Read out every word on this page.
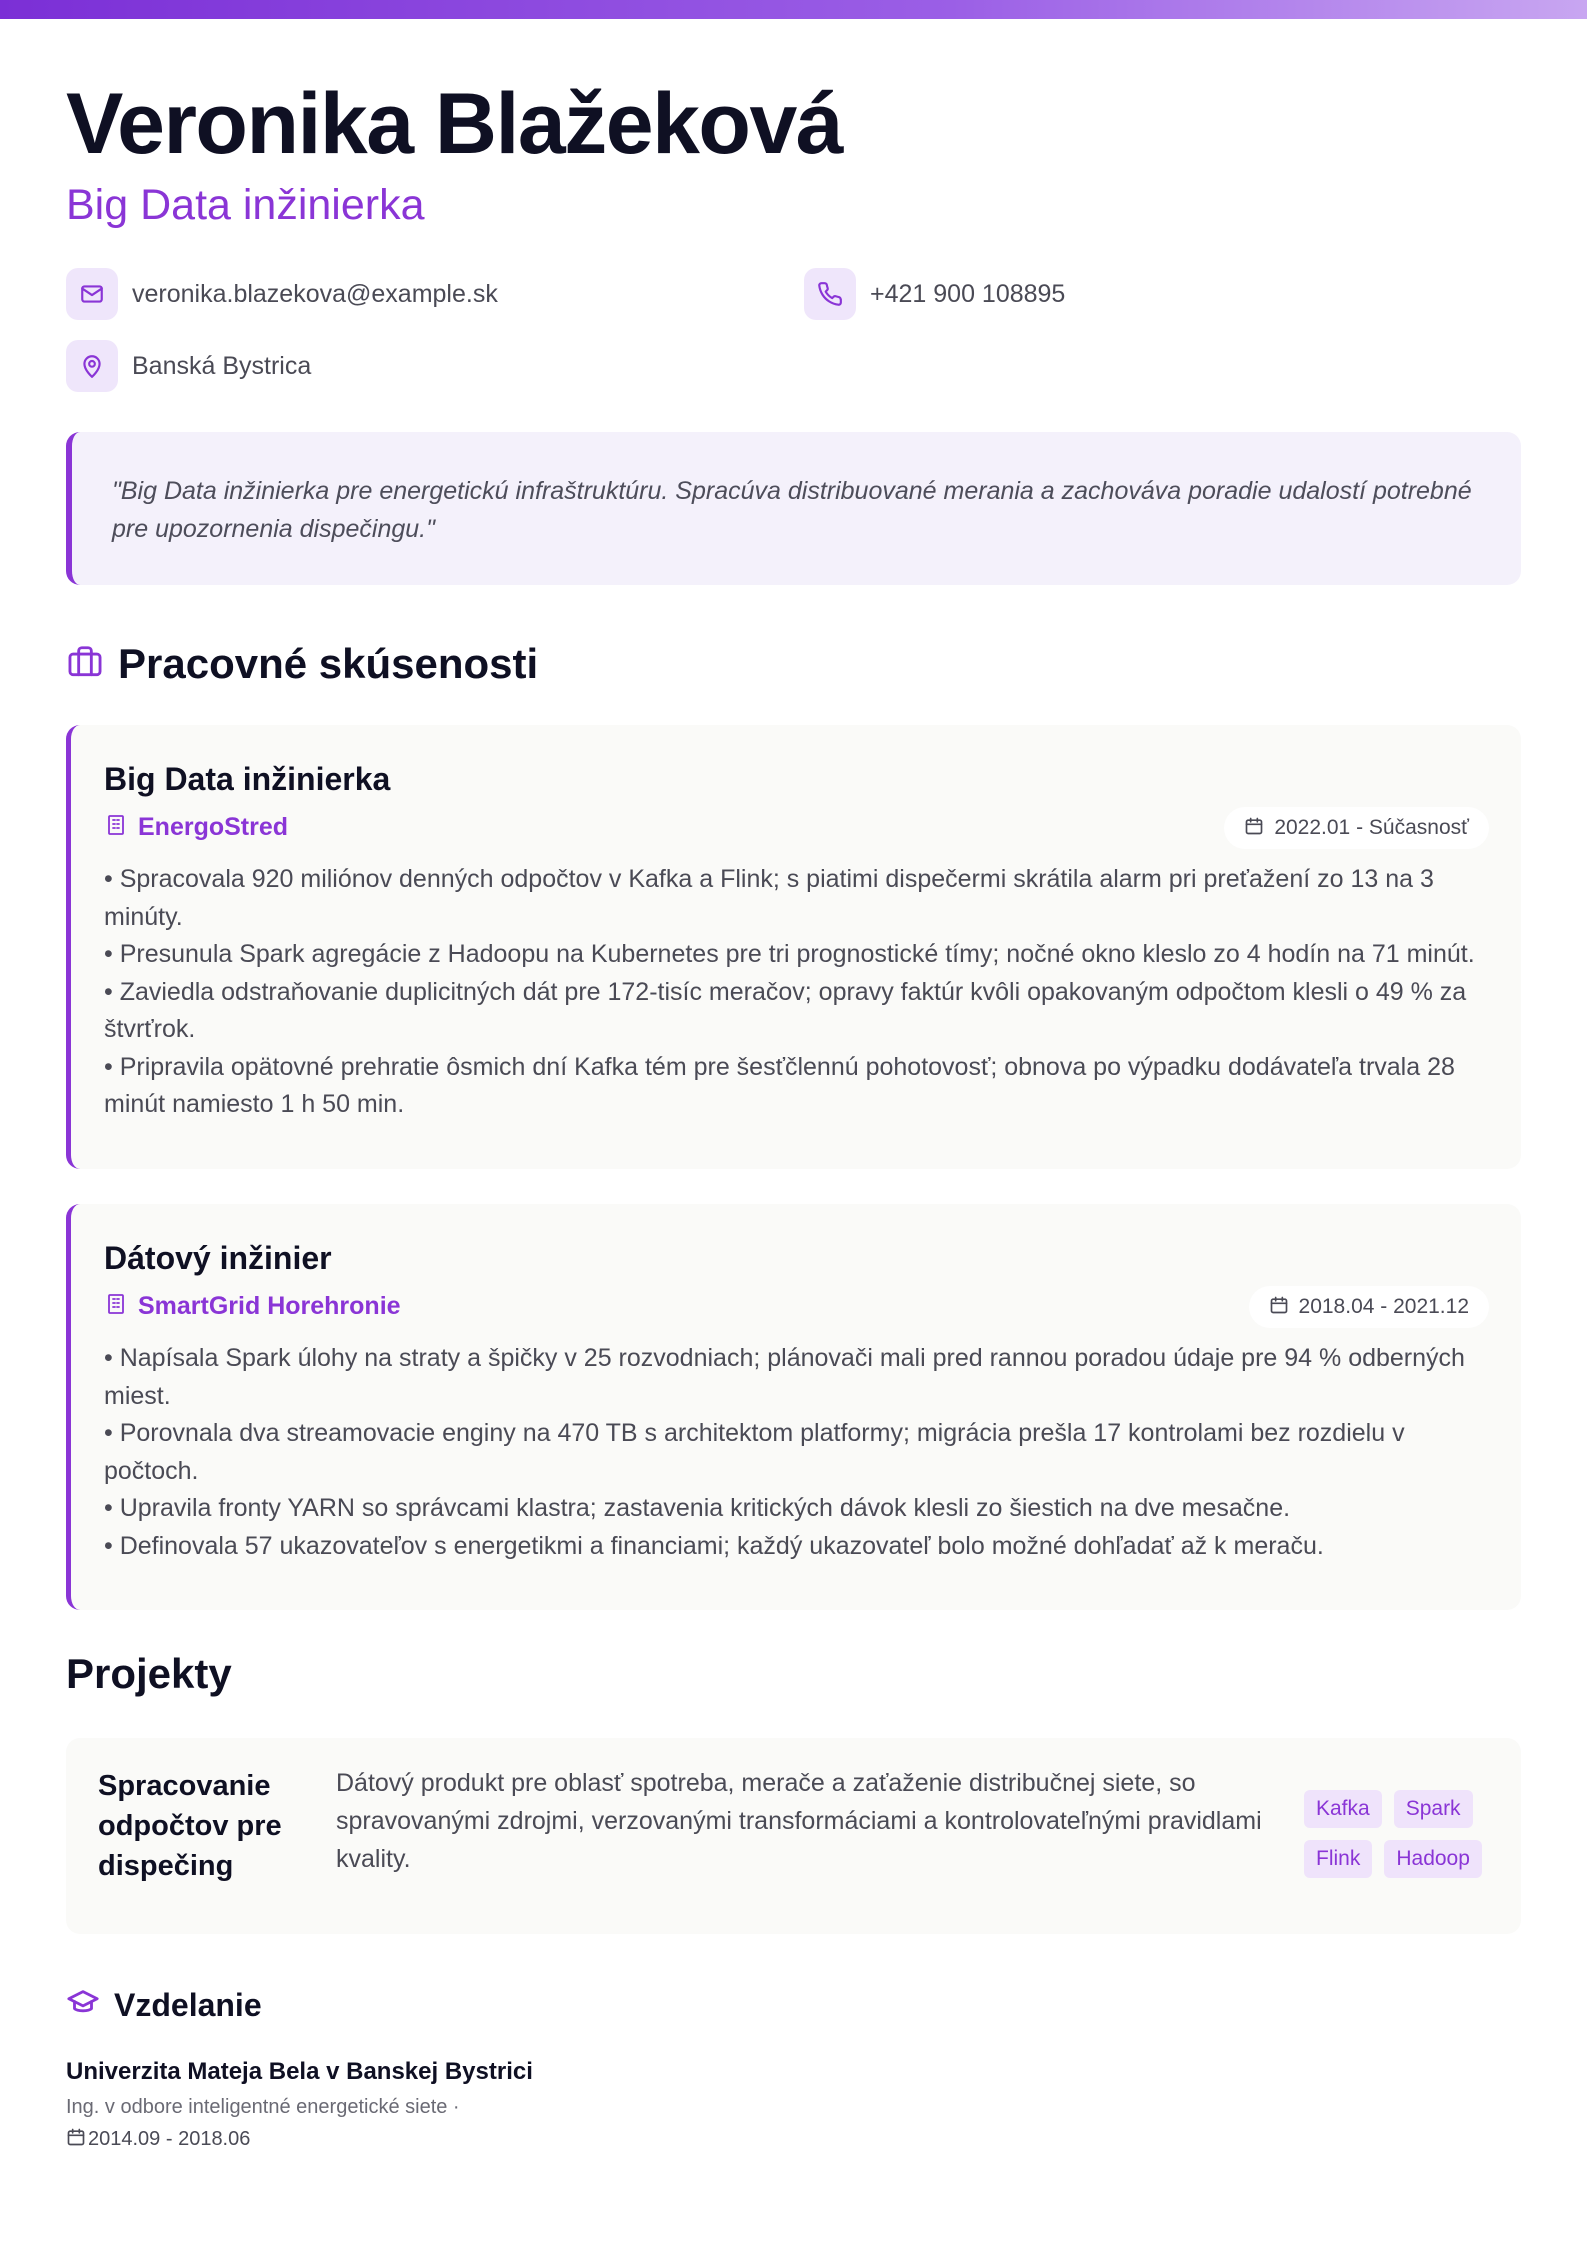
Veronika Blažeková
Big Data inžinierka
veronika.blazekova@example.sk	+421 900 108895
Banská Bystrica

"Big Data inžinierka pre energetickú infraštruktúru. Spracúva distribuované merania a zachováva poradie udalostí potrebné pre upozornenia dispečingu."

Pracovné skúsenosti
Big Data inžinierka
EnergoStred	2022.01 - Súčasnosť
• Spracovala 920 miliónov denných odpočtov v Kafka a Flink; s piatimi dispečermi skrátila alarm pri preťažení zo 13 na 3 minúty.
• Presunula Spark agregácie z Hadoopu na Kubernetes pre tri prognostické tímy; nočné okno kleslo zo 4 hodín na 71 minút.
• Zaviedla odstraňovanie duplicitných dát pre 172-tisíc meračov; opravy faktúr kvôli opakovaným odpočtom klesli o 49 % za štvrťrok.
• Pripravila opätovné prehratie ôsmich dní Kafka tém pre šesťčlennú pohotovosť; obnova po výpadku dodávateľa trvala 28 minút namiesto 1 h 50 min.
Dátový inžinier
SmartGrid Horehronie	2018.04 - 2021.12
• Napísala Spark úlohy na straty a špičky v 25 rozvodniach; plánovači mali pred rannou poradou údaje pre 94 % odberných miest.
• Porovnala dva streamovacie enginy na 470 TB s architektom platformy; migrácia prešla 17 kontrolami bez rozdielu v počtoch.
• Upravila fronty YARN so správcami klastra; zastavenia kritických dávok klesli zo šiestich na dve mesačne.
• Definovala 57 ukazovateľov s energetikmi a financiami; každý ukazovateľ bolo možné dohľadať až k meraču.
Projekty
Spracovanie odpočtov pre dispečing
Dátový produkt pre oblasť spotreba, merače a zaťaženie distribučnej siete, so spravovanými zdrojmi, verzovanými transformáciami a kontrolovateľnými pravidlami kvality.
Kafka	Spark
Flink	Hadoop
Vzdelanie
Univerzita Mateja Bela v Banskej Bystrici
Ing. v odbore inteligentné energetické siete ·
2014.09 - 2018.06
